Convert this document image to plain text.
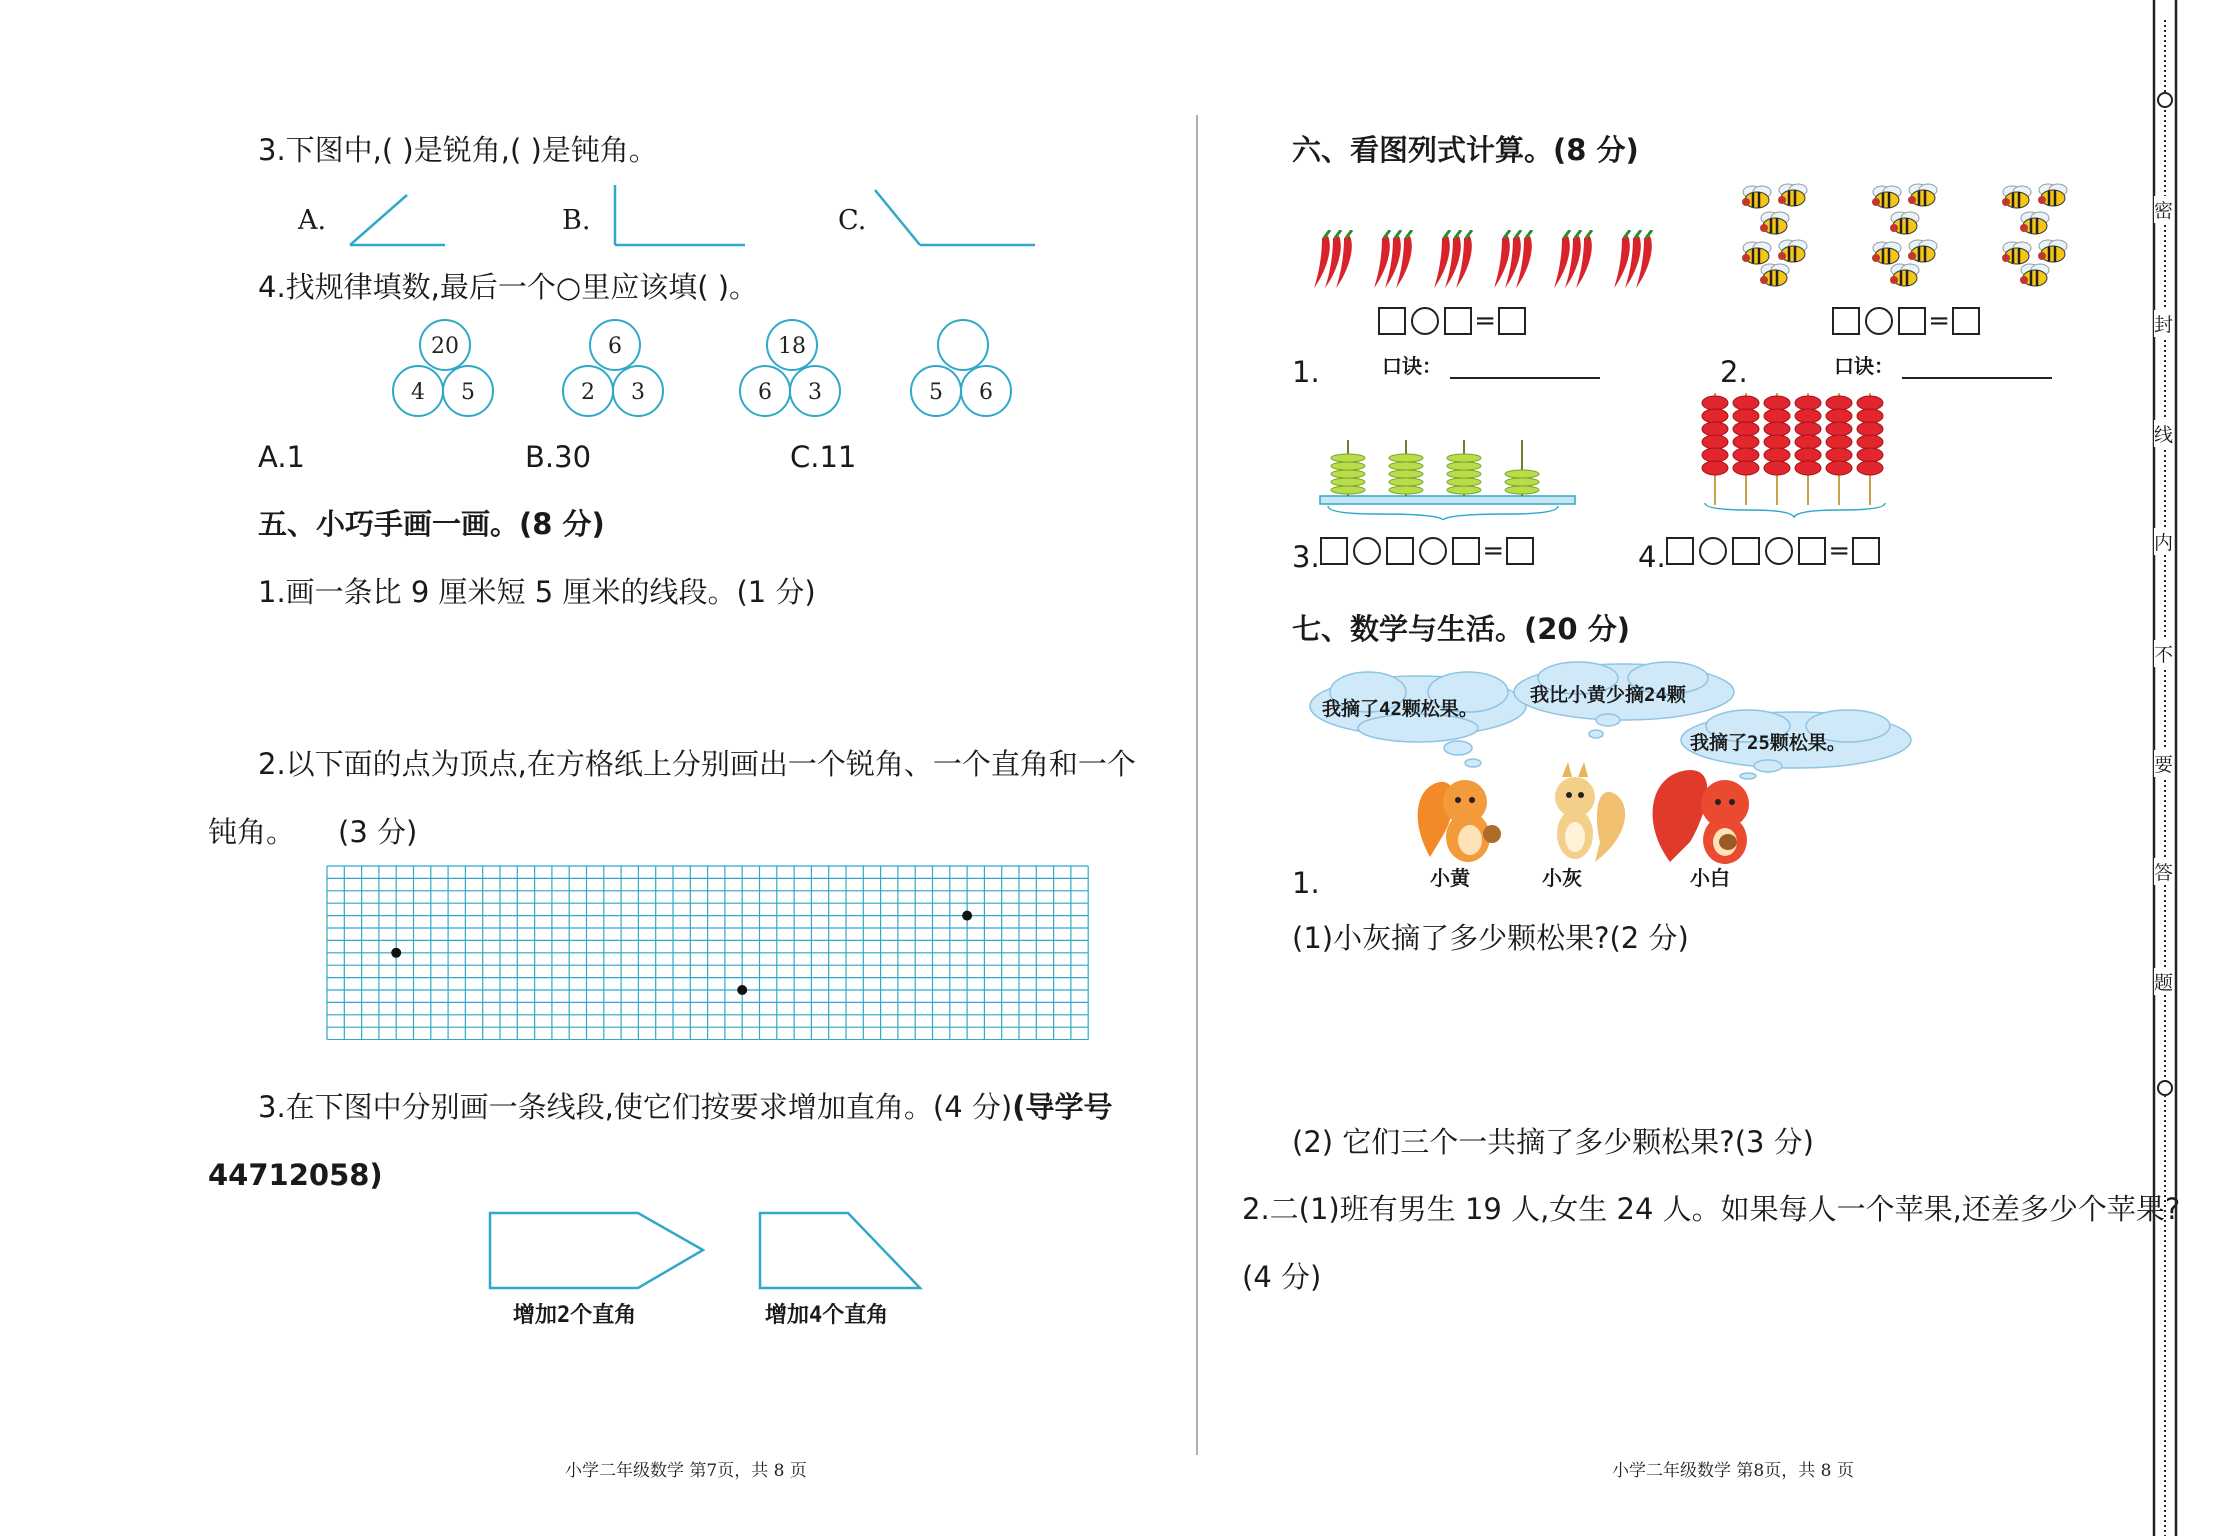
3.下图中,( )是锐角,( )是钝角。
A.	B.	C.
4.找规律填数,最后一个○里应该填( )。
20
4 5
6
2 3
18
6 3	5 6
A.1	B.30	C.11
五、小巧手画一画。(8 分)
1.画一条比 9 厘米短 5 厘米的线段。(1 分)
2.以下面的点为顶点,在方格纸上分别画出一个锐角、一个直角和一个
钝角。 (3 分)
3.在下图中分别画一条线段,使它们按要求增加直角。(4 分)(导学号
44712058)
增加2个直角	增加4个直角
小学二年级数学 第7页，共 8 页
六、看图列式计算。(8 分)
=	=
1.	口诀：	2.	口诀：
3.	=	4.	=
七、数学与生活。(20 分)
我摘了42颗松果。
我比小黄少摘24颗
我摘了25颗松果。
1.	小黄	小灰	小白
(1)小灰摘了多少颗松果?(2 分)
(2) 它们三个一共摘了多少颗松果?(3 分)
2.二(1)班有男生 19 人,女生 24 人。如果每人一个苹果,还差多少个苹果?
(4 分)
小学二年级数学 第8页，共 8 页
密
封
线
内
不
要
答
题
